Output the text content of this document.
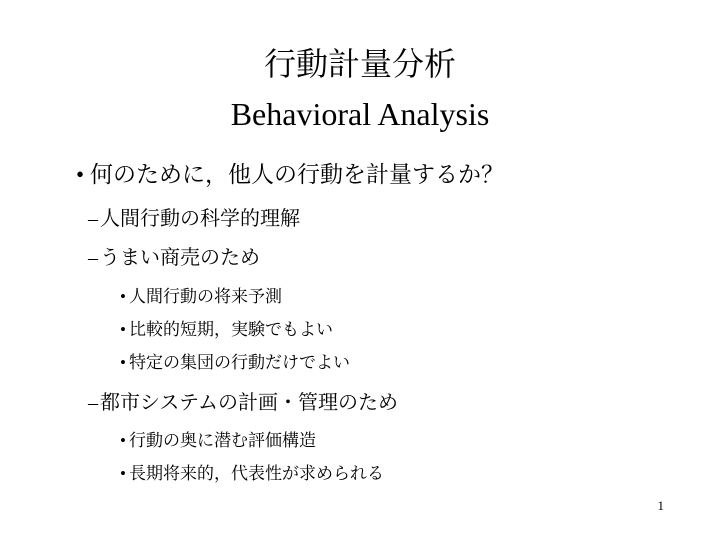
行動計量分析
Behavioral Analysis
• 何のために，他人の行動を計量するか？
– 人間行動の科学的理解
– うまい商売のため
• 人間行動の将来予測
• 比較的短期，実験でもよい
• 特定の集団の行動だけでよい
– 都市システムの計画・管理のため
• 行動の奥に潜む評価構造
• 長期将来的，代表性が求められる
1
